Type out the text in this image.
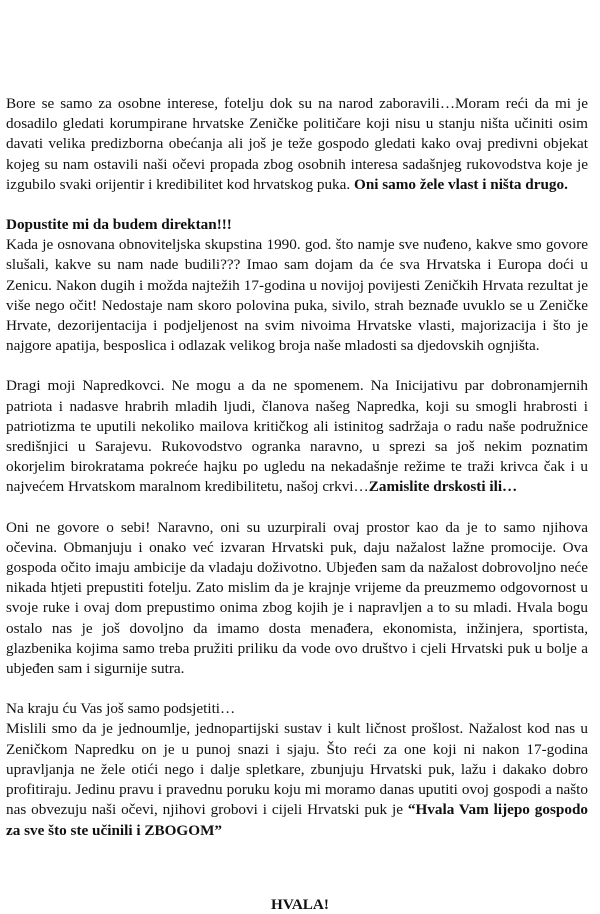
Bore se samo za osobne interese, fotelju dok su na narod zaboravili…Moram reći da mi je dosadilo gledati korumpirane hrvatske Zeničke političare koji nisu u stanju ništa učiniti osim davati velika predizborna obećanja ali još je teže gospodo gledati kako ovaj predivni objekat kojeg su nam ostavili naši očevi propada zbog osobnih interesa sadašnjeg rukovodstva koje je izgubilo svaki orijentir i kredibilitet kod hrvatskog puka. Oni samo žele vlast i ništa drugo.

Dopustite mi da budem direktan!!!

Kada je osnovana obnoviteljska skupstina 1990. god. što namje sve nuđeno, kakve smo govore slušali, kakve su nam nade budili??? Imao sam dojam da će sva Hrvatska i Europa doći u Zenicu. Nakon dugih i možda najtežih 17-godina u novijoj povijesti Zeničkih Hrvata rezultat je više nego očit! Nedostaje nam skoro polovina puka, sivilo, strah beznađe uvuklo se u Zeničke Hrvate, dezorijentacija i podjeljenost na svim nivoima Hrvatske vlasti, majorizacija i što je najgore apatija, besposlica i odlazak velikog broja naše mladosti sa djedovskih ognjišta.

Dragi moji Napredkovci. Ne mogu a da ne spomenem. Na Inicijativu par dobronamjernih patriota i nadasve hrabrih mladih ljudi, članova našeg Napredka, koji su smogli hrabrosti i patriotizma te uputili nekoliko mailova kritičkog ali istinitog sadržaja o radu naše podružnice središnjici u Sarajevu. Rukovodstvo ogranka naravno, u sprezi sa još nekim poznatim okorjelim birokratama pokreće hajku po ugledu na nekadašnje režime te traži krivca čak i u najvećem Hrvatskom maralnom kredibilitetu, našoj crkvi…Zamislite drskosti ili…

Oni ne govore o sebi! Naravno, oni su uzurpirali ovaj prostor kao da je to samo njihova očevina. Obmanjuju i onako već izvaran Hrvatski puk, daju nažalost lažne promocije. Ova gospoda očito imaju ambicije da vladaju doživotno. Ubjeđen sam da nažalost dobrovoljno neće nikada htjeti prepustiti fotelju. Zato mislim da je krajnje vrijeme da preuzmemo odgovornost u svoje ruke i ovaj dom prepustimo onima zbog kojih je i napravljen a to su mladi. Hvala bogu ostalo nas je još dovoljno da imamo dosta menađera, ekonomista, inžinjera, sportista, glazbenika kojima samo treba pružiti priliku da vode ovo društvo i cjeli Hrvatski puk u bolje a ubjeđen sam i sigurnije sutra.

Na kraju ću Vas još samo podsjetiti…

Mislili smo da je jednoumlje, jednopartijski sustav i kult ličnost prošlost. Nažalost kod nas u Zeničkom Napredku on je u punoj snazi i sjaju. Što reći za one koji ni nakon 17-godina upravljanja ne žele otići nego i dalje spletkare, zbunjuju Hrvatski puk, lažu i dakako dobro profitiraju. Jedinu pravu i pravednu poruku koju mi moramo danas uputiti ovoj gospodi a našto nas obvezuju naši očevi, njihovi grobovi i cijeli Hrvatski puk je “Hvala Vam lijepo gospodo za sve što ste učinili i ZBOGOM”

HVALA!
